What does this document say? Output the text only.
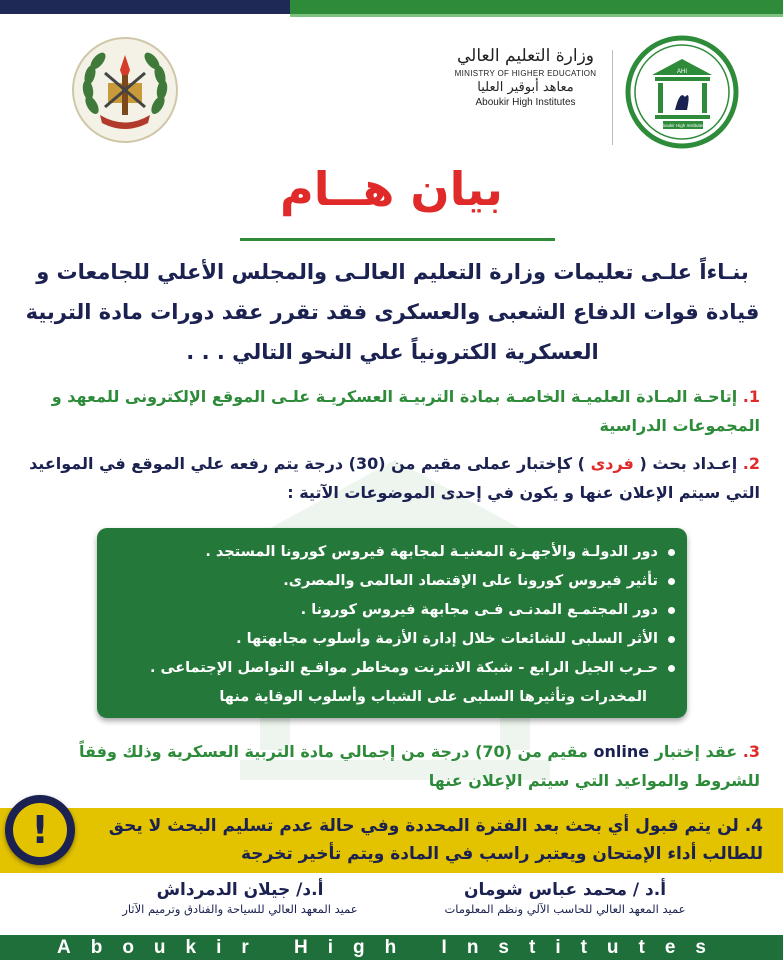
وزارة التعليم العالي
MINISTRY OF HIGHER EDUCATION
معاهد أبوقير العليا
Aboukir High Institutes
AHI
Aboukir High Institutes
بيان هــام
بنـاءاً علـى تعليمات وزارة التعليم العالـى والمجلس الأعلي للجامعات و قيادة قوات الدفاع الشعبى والعسكرى فقد تقرر عقد دورات مادة التربية العسكرية الكترونياً علي النحو التالي . . .
1. إتاحـة المـادة العلميـة الخاصـة بمادة التربيـة العسكريـة علـى الموقع الإلكترونى للمعهد و المجموعات الدراسية
2. إعـداد بحث ( فردى ) كإختبار عملى مقيم من (30) درجة يتم رفعه علي الموقع في المواعيد التي سيتم الإعلان عنها و يكون في إحدى الموضوعات الآتية :
دور الدولـة والأجهـزة المعنيـة لمجابهة فيروس كورونا المستجد .
تأثير فيروس كورونا على الإقتصاد العالمى والمصرى.
دور المجتمـع المدنـى فـى مجابهة فيروس كورونا .
الأثر السلبى للشائعات خلال إدارة الأزمة وأسلوب مجابهتها .
حـرب الجيل الرابع - شبكة الانترنت ومخاطر مواقـع التواصل الإجتماعى .
المخدرات وتأثيرها السلبى على الشباب وأسلوب الوقاية منها
3. عقد إختبار online مقيم من (70) درجة من إجمالي مادة التربية العسكرية وذلك وفقاً للشروط والمواعيد التي سيتم الإعلان عنها
4. لن يتم قبول أي بحث بعد الفترة المحددة وفي حالة عدم تسليم البحث لا يحق
للطالب أداء الإمتحان ويعتبر راسب في المادة ويتم تأخير تخرجة
!
أ.د / محمد عباس شومان
عميد المعهد العالي للحاسب الآلي ونظم المعلومات
أ.د/ جيلان الدمرداش
عميد المعهد العالي للسياحة والفنادق وترميم الآثار
Aboukir High Institutes
